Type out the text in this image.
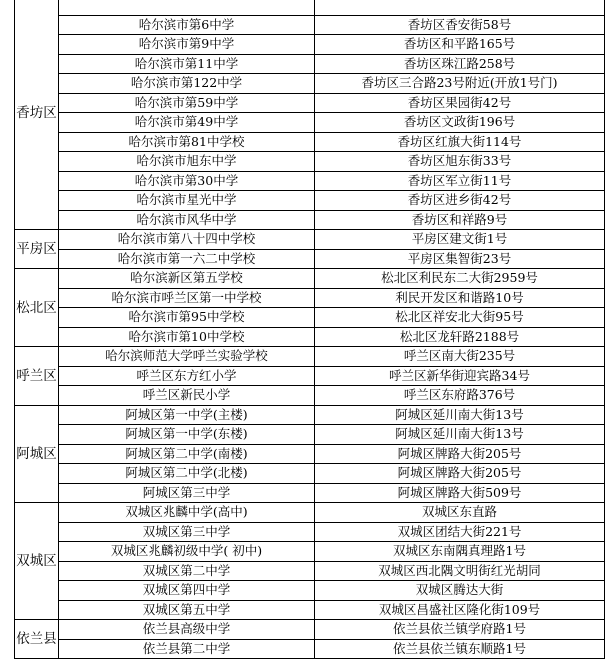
香坊区		
	哈尔滨市第6中学	香坊区香安街58号
	哈尔滨市第9中学	香坊区和平路165号
	哈尔滨市第11中学	香坊区珠江路258号
	哈尔滨市第122中学	香坊区三合路23号附近(开放1号门)
	哈尔滨市第59中学	香坊区果园街42号
	哈尔滨市第49中学	香坊区文政街196号
	哈尔滨市第81中学校	香坊区红旗大街114号
	哈尔滨市旭东中学	香坊区旭东街33号
	哈尔滨市第30中学	香坊区军立街11号
	哈尔滨市星光中学	香坊区进乡街42号
	哈尔滨市风华中学	香坊区和祥路9号
平房区	哈尔滨市第八十四中学校	平房区建文街1号
	哈尔滨市第一六二中学校	平房区集智街23号
松北区	哈尔滨新区第五学校	松北区利民东二大街2959号
	哈尔滨市呼兰区第一中学校	利民开发区和谐路10号
	哈尔滨市第95中学校	松北区祥安北大街95号
	哈尔滨市第10中学校	松北区龙轩路2188号
呼兰区	哈尔滨师范大学呼兰实验学校	呼兰区南大街235号
	呼兰区东方红小学	呼兰区新华街迎宾路34号
	呼兰区新民小学	呼兰区东府路376号
阿城区	阿城区第一中学(主楼)	阿城区延川南大街13号
	阿城区第一中学(东楼)	阿城区延川南大街13号
	阿城区第二中学(南楼)	阿城区牌路大街205号
	阿城区第二中学(北楼)	阿城区牌路大街205号
	阿城区第三中学	阿城区牌路大街509号
双城区	双城区兆麟中学(高中)	双城区东直路
	双城区第三中学	双城区团结大街221号
	双城区兆麟初级中学( 初中)	双城区东南隅真理路1号
	双城区第二中学	双城区西北隅文明街红光胡同
	双城区第四中学	双城区腾达大街
	双城区第五中学	双城区昌盛社区隆化街109号
依兰县	依兰县高级中学	依兰县依兰镇学府路1号
	依兰县第二中学	依兰县依兰镇东顺路1号
